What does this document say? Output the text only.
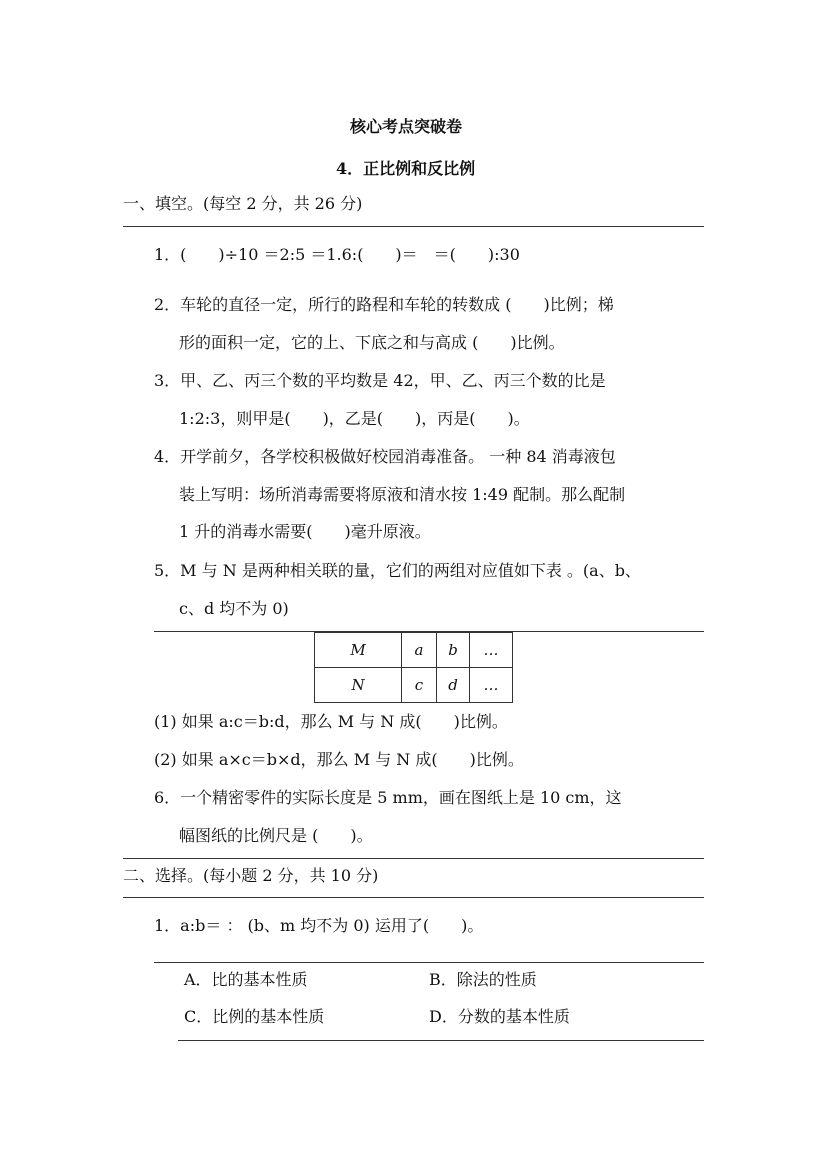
核心考点突破卷
4．正比例和反比例
一、填空。(每空 2 分，共 26 分)
1．(　　)÷10 ＝2:5 ＝1.6:(　　)＝　＝(　　):30
2．车轮的直径一定，所行的路程和车轮的转数成 (　　)比例；梯
形的面积一定，它的上、下底之和与高成 (　　)比例。
3．甲、乙、丙三个数的平均数是 42，甲、乙、丙三个数的比是
1:2:3，则甲是(　　)，乙是(　　)，丙是(　　)。
4．开学前夕，各学校积极做好校园消毒准备。 一种 84 消毒液包
装上写明：场所消毒需要将原液和清水按 1:49 配制。那么配制
1 升的消毒水需要(　　)毫升原液。
5．M 与 N 是两种相关联的量，它们的两组对应值如下表 。(a、b、
c、d 均不为 0)
M	a	b	…
N	c	d	…
(1) 如果 a:c＝b:d，那么 M 与 N 成(　　)比例。
(2) 如果 a×c＝b×d，那么 M 与 N 成(　　)比例。
6．一个精密零件的实际长度是 5 mm，画在图纸上是 10 cm，这
幅图纸的比例尺是 (　　)。
二、选择。(每小题 2 分，共 10 分)
1．a:b＝ ： (b、m 均不为 0) 运用了(　　)。
A．比的基本性质	B．除法的性质
C．比例的基本性质	D．分数的基本性质
